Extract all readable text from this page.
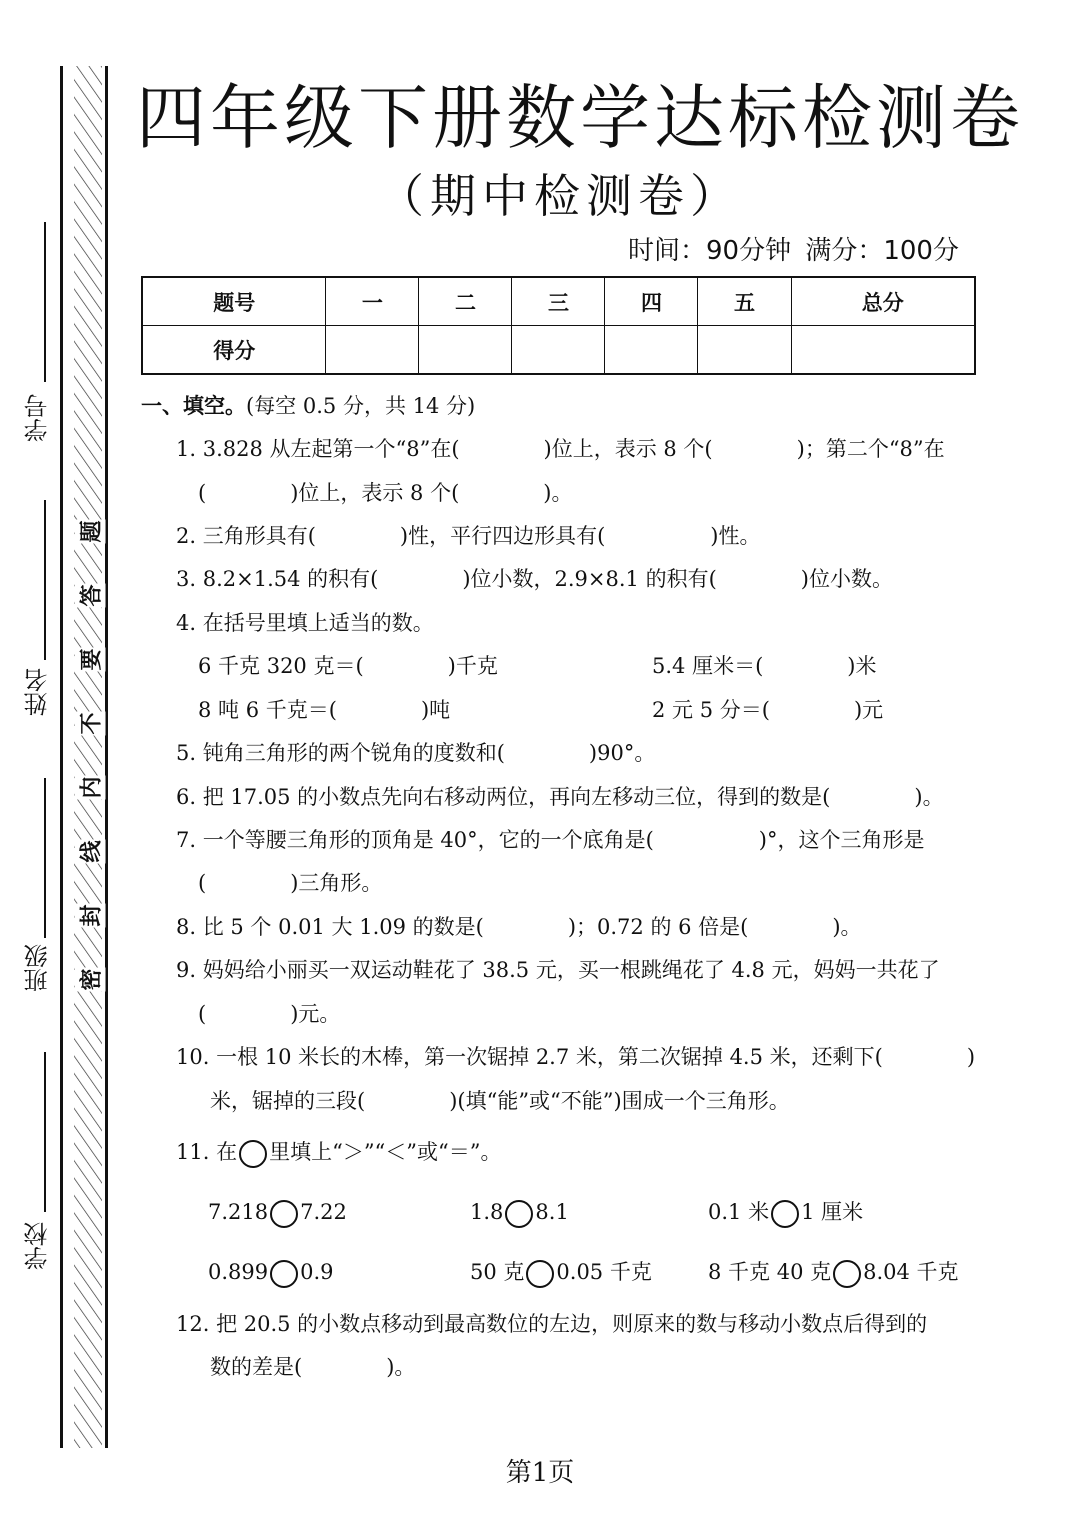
学号
姓名
班级
学校
题
答
要
不
内
线
封
密
四年级下册数学达标检测卷
（期中检测卷）
时间：90分钟 满分：100分
题号	一	二	三	四	五	总分
得分						
一、填空。(每空 0.5 分，共 14 分)
1. 3.828 从左起第一个“8”在(　　　　)位上，表示 8 个(　　　　)；第二个“8”在
(　　　　)位上，表示 8 个(　　　　)。
2. 三角形具有(　　　　)性，平行四边形具有(　　　　　)性。
3. 8.2×1.54 的积有(　　　　)位小数，2.9×8.1 的积有(　　　　)位小数。
4. 在括号里填上适当的数。
6 千克 320 克＝(　　　　)千克	5.4 厘米＝(　　　　)米
8 吨 6 千克＝(　　　　)吨	2 元 5 分＝(　　　　)元
5. 钝角三角形的两个锐角的度数和(　　　　)90°。
6. 把 17.05 的小数点先向右移动两位，再向左移动三位，得到的数是(　　　　)。
7. 一个等腰三角形的顶角是 40°，它的一个底角是(　　　　　)°，这个三角形是
(　　　　)三角形。
8. 比 5 个 0.01 大 1.09 的数是(　　　　)；0.72 的 6 倍是(　　　　)。
9. 妈妈给小丽买一双运动鞋花了 38.5 元，买一根跳绳花了 4.8 元，妈妈一共花了
(　　　　)元。
10. 一根 10 米长的木棒，第一次锯掉 2.7 米，第二次锯掉 4.5 米，还剩下(　　　　)
米，锯掉的三段(　　　　)(填“能”或“不能”)围成一个三角形。
11. 在 里填上“＞”“＜”或“＝”。
7.218 7.22	1.8 8.1	0.1 米 1 厘米
0.899 0.9	50 克 0.05 千克	8 千克 40 克 8.04 千克
12. 把 20.5 的小数点移动到最高数位的左边，则原来的数与移动小数点后得到的
数的差是(　　　　)。
第1页
